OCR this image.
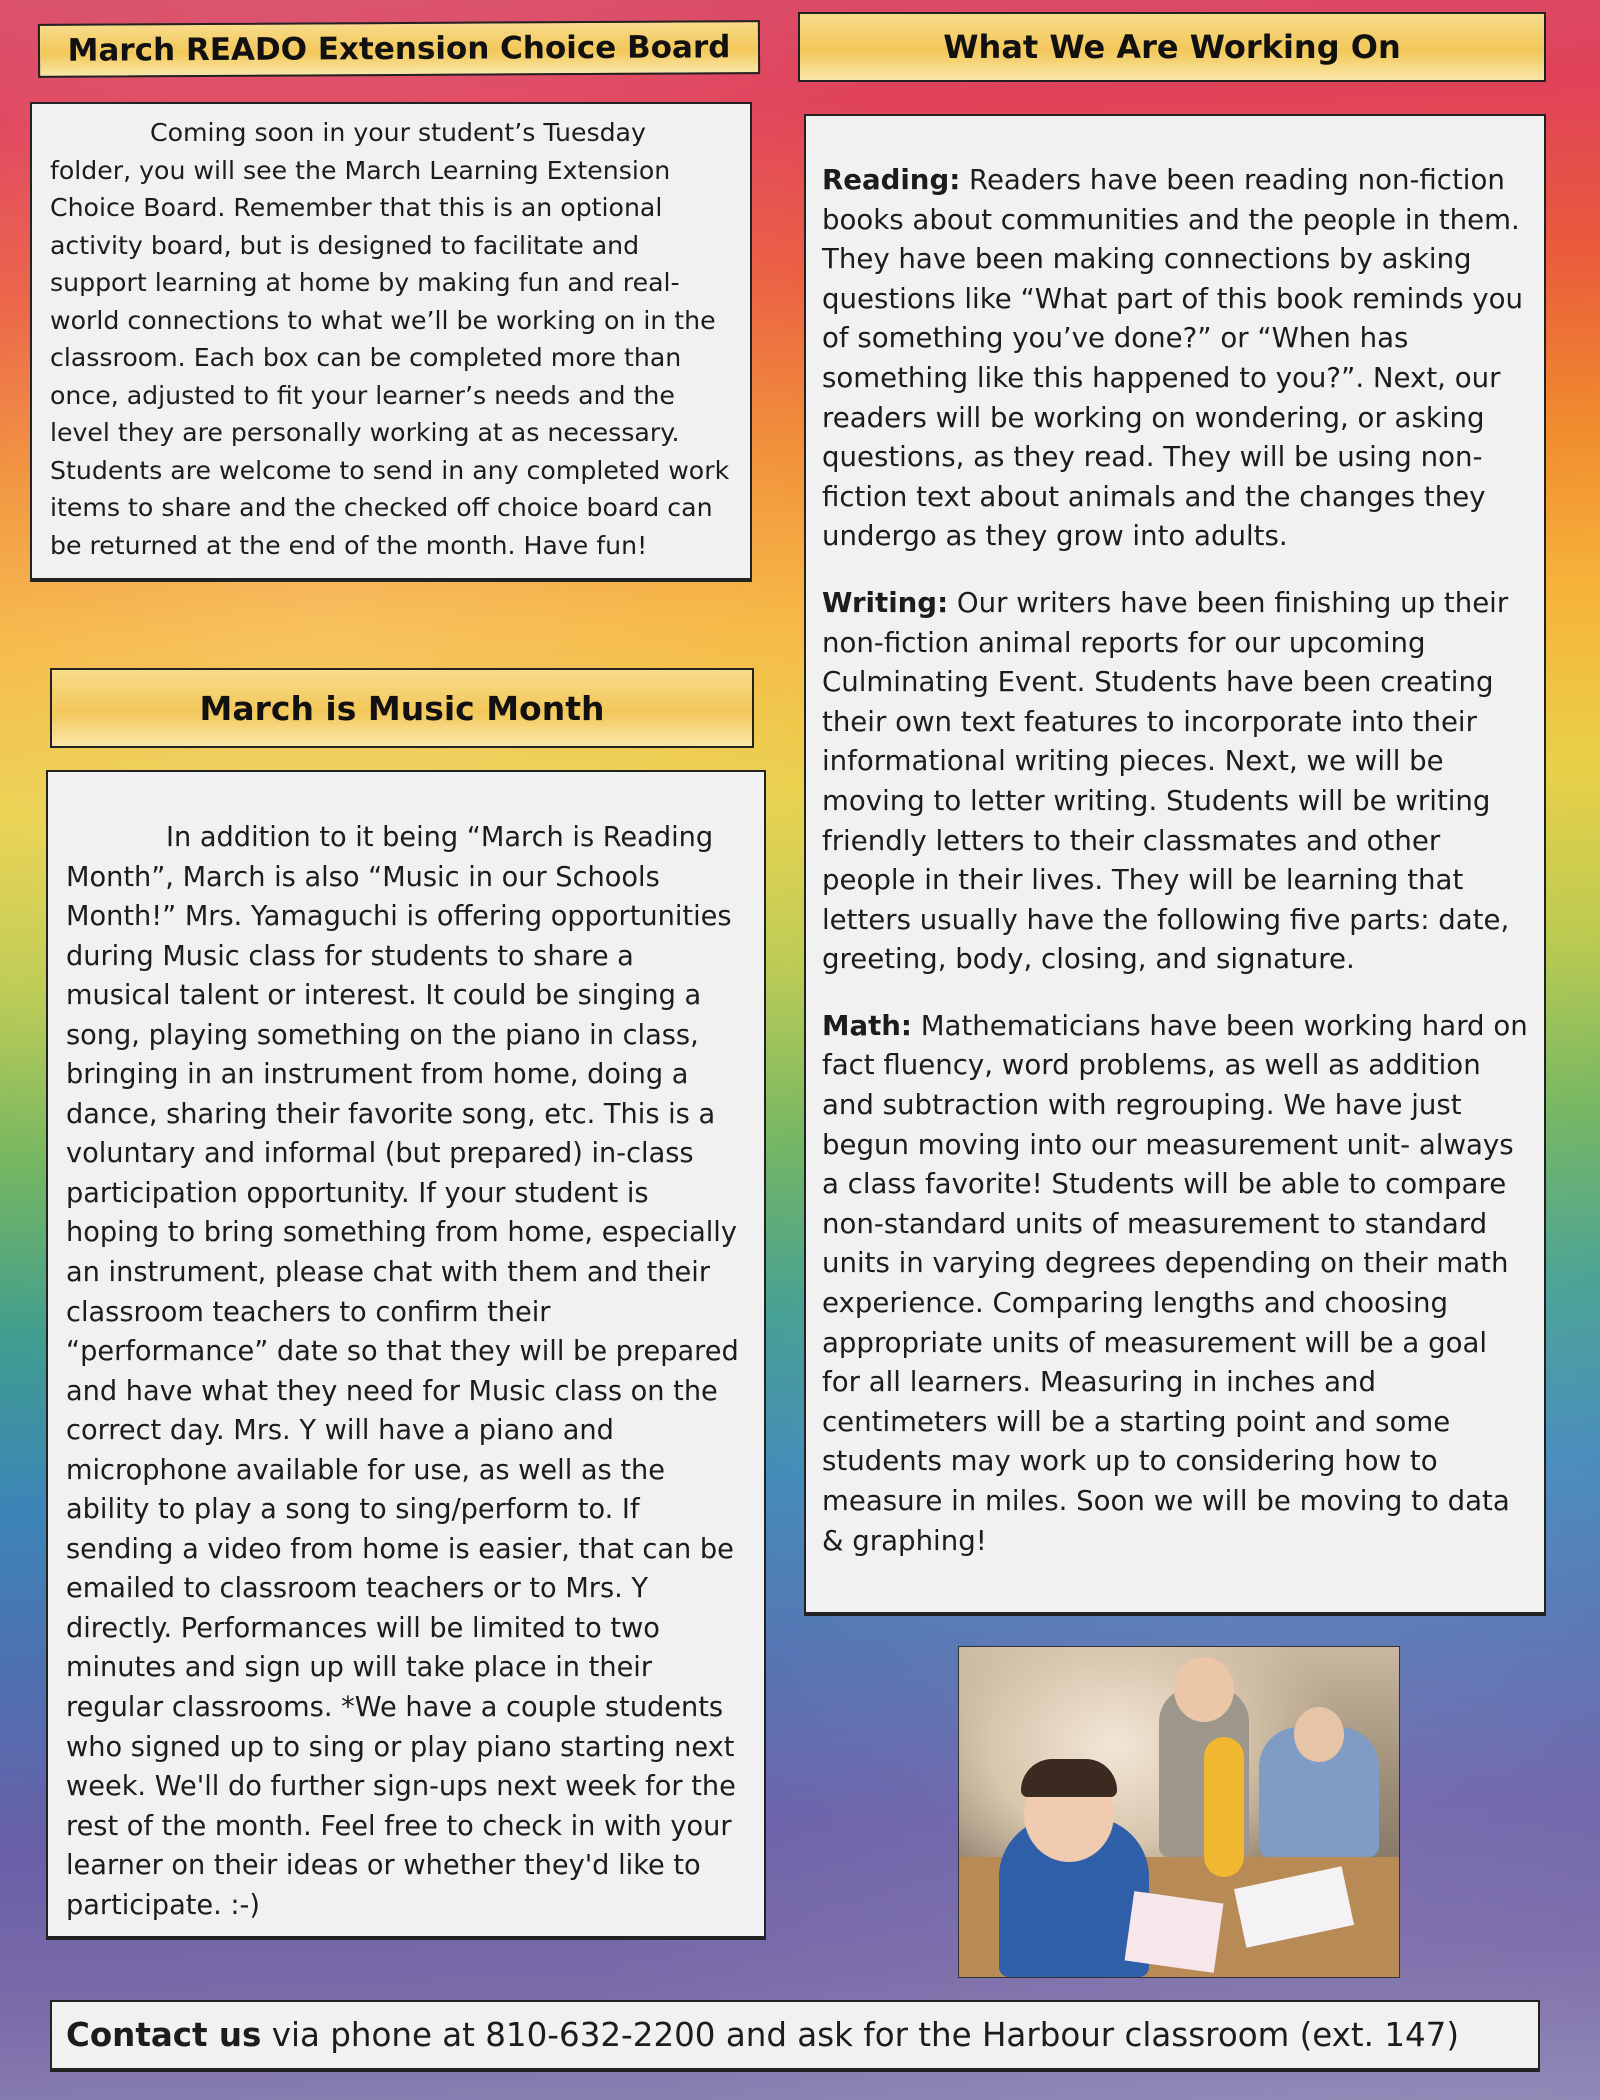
March READO Extension Choice Board

Coming soon in your student’s Tuesday folder, you will see the March Learning Extension Choice Board. Remember that this is an optional activity board, but is designed to facilitate and support learning at home by making fun and real-world connections to what we’ll be working on in the classroom. Each box can be completed more than once, adjusted to fit your learner’s needs and the level they are personally working at as necessary. Students are welcome to send in any completed work items to share and the checked off choice board can be returned at the end of the month. Have fun!

March is Music Month

In addition to it being “March is Reading Month”, March is also “Music in our Schools Month!” Mrs. Yamaguchi is offering opportunities during Music class for students to share a musical talent or interest. It could be singing a song, playing something on the piano in class, bringing in an instrument from home, doing a dance, sharing their favorite song, etc. This is a voluntary and informal (but prepared) in-class participation opportunity. If your student is hoping to bring something from home, especially an instrument, please chat with them and their classroom teachers to confirm their “performance” date so that they will be prepared and have what they need for Music class on the correct day. Mrs. Y will have a piano and microphone available for use, as well as the ability to play a song to sing/perform to. If sending a video from home is easier, that can be emailed to classroom teachers or to Mrs. Y directly. Performances will be limited to two minutes and sign up will take place in their regular classrooms. *We have a couple students who signed up to sing or play piano starting next week. We'll do further sign-ups next week for the rest of the month. Feel free to check in with your learner on their ideas or whether they'd like to participate. :-)

What We Are Working On

Reading: Readers have been reading non-fiction books about communities and the people in them. They have been making connections by asking questions like “What part of this book reminds you of something you’ve done?” or “When has something like this happened to you?”. Next, our readers will be working on wondering, or asking questions, as they read. They will be using non-fiction text about animals and the changes they undergo as they grow into adults.

Writing: Our writers have been finishing up their non-fiction animal reports for our upcoming Culminating Event. Students have been creating their own text features to incorporate into their informational writing pieces. Next, we will be moving to letter writing. Students will be writing friendly letters to their classmates and other people in their lives. They will be learning that letters usually have the following five parts: date, greeting, body, closing, and signature.

Math: Mathematicians have been working hard on fact fluency, word problems, as well as addition and subtraction with regrouping. We have just begun moving into our measurement unit- always a class favorite! Students will be able to compare non-standard units of measurement to standard units in varying degrees depending on their math experience. Comparing lengths and choosing appropriate units of measurement will be a goal for all learners. Measuring in inches and centimeters will be a starting point and some students may work up to considering how to measure in miles. Soon we will be moving to data & graphing!

Contact us via phone at 810-632-2200 and ask for the Harbour classroom (ext. 147)
